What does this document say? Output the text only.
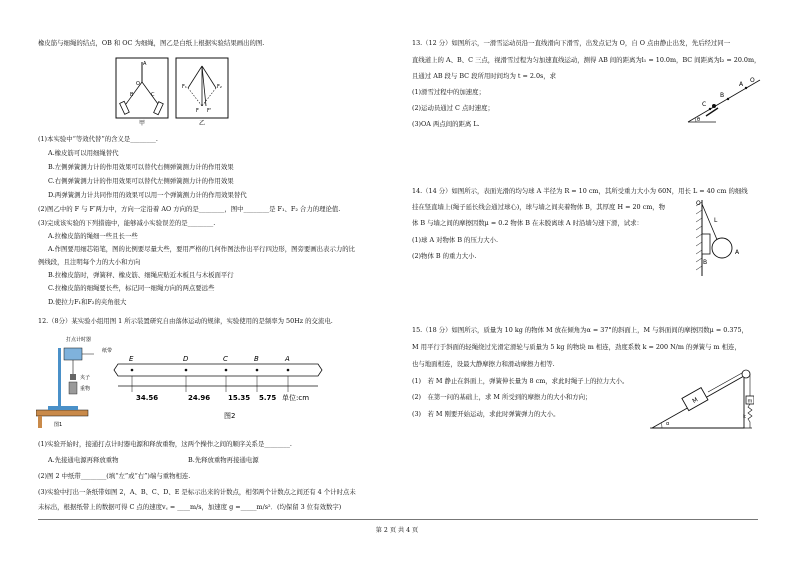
橡皮筋与细绳的结点，OB 和 OC 为细绳，图乙是白纸上根据实验结果画出的图.
A
O
B	C
甲
F₁	F₂
F F'
乙
(1)本实验中“等效代替”的含义是________.
A.橡皮筋可以用细绳替代
B.左侧弹簧测力计的作用效果可以替代右侧弹簧测力计的作用效果
C.右侧弹簧测力计的作用效果可以替代左侧弹簧测力计的作用效果
D.两弹簧测力计共同作用的效果可以用一个弹簧测力计的作用效果替代
(2)图乙中的 F 与 F′两力中，方向一定沿着 AO 方向的是________，图中________是 F₁、F₂ 合力的理论值.
(3)完成该实验的下列措施中，能够减小实验误差的是________.
A.拉橡皮筋的绳细一些且长一些
A.作图要用细芯铅笔，图的比例要尽量大些，要用严格的几何作图法作出平行四边形，图旁要画出表示力的比
例线段，且注明每个力的大小和方向
B.拉橡皮筋时，弹簧秤、橡皮筋、细绳应贴近木板且与木板面平行
C.拉橡皮筋的细绳要长些，标记同一细绳方向的两点要远些
D.使拉力F₁和F₂的夹角很大
12.（8分）某实验小组用图 1 所示装置研究自由落体运动的规律，实验使用的是频率为 50Hz 的交流电.
打点计时器
纸带
夹子
重物
图1
E	D	C	B	A
34.56	24.96	15.35 5.75 单位:cm
图2
(1)实验开始时，接通打点计时器电源和释放重物，这两个操作之间的顺序关系是________.
A.先接通电源再释放重物	B.先释放重物再接通电源
(2)图 2 中纸带________(填“左”或“右”)端与重物相连.
(3)实验中打出一条纸带如图 2，A、B、C、D、E 是标示出来的计数点，相邻两个计数点之间还有 4 个计时点未
未标出，根据纸带上的数据可得 C 点的速度v꜀ = ____m/s，加速度 g =_____m/s²．(均保留 3 位有效数字)
13.（12 分）如图所示，一滑雪运动员沿一直线滑向下滑雪，出发点记为 O，自 O 点由静止出发，先后经过同一
直线道上的 A、B、C 三点，视滑雪过程为匀加速直线运动，测得 AB 间的距离为l₁ = 10.0m，BC 间距离为l₂ = 20.0m，
且通过 AB 段与 BC 段所用时间均为 t = 2.0s，求
(1)滑雪过程中的加速度；
(2)运动员通过 C 点时速度；
(3)OA 两点间的距离 L.	θ
O
A
B
C
14.（14 分）如图所示，表面光滑的均匀球 A 半径为 R = 10 cm，其所受重力大小为 60N，用长 L = 40 cm 的细线
挂在竖直墙上(绳子延长线会通过球心)，球与墙之间夹着物体 B，其厚度 H = 20 cm，物
体 B 与墙之间的摩擦因数μ = 0.2 物体 B 在未脱离球 A 时沿墙匀速下滑，试求：
(1)球 A 对物体 B 的压力大小.
(2)物体 B 的重力大小.
O
L
B
A
15.（18 分）如图所示，质量为 10 kg 的物体 M 放在倾角为α = 37°的斜面上，M 与斜面间的摩擦因数μ = 0.375，
M 用平行于斜面的轻绳绕过光滑定滑轮与质量为 5 kg 的物块 m 相连，劲度系数 k = 200 N/m 的弹簧与 m 相连，
也与地面相连，设最大静摩擦力和滑动摩擦力相等.
(1)　若 M 静止在斜面上，弹簧伸长量为 8 cm，求此时绳子上的拉力大小。
(2)　在第一问的基础上，求 M 所受到的摩擦力的大小和方向；
(3)　若 M 刚要开始运动，求此时弹簧弹力的大小。
α
M	m
k
第 2 页 共 4 页
